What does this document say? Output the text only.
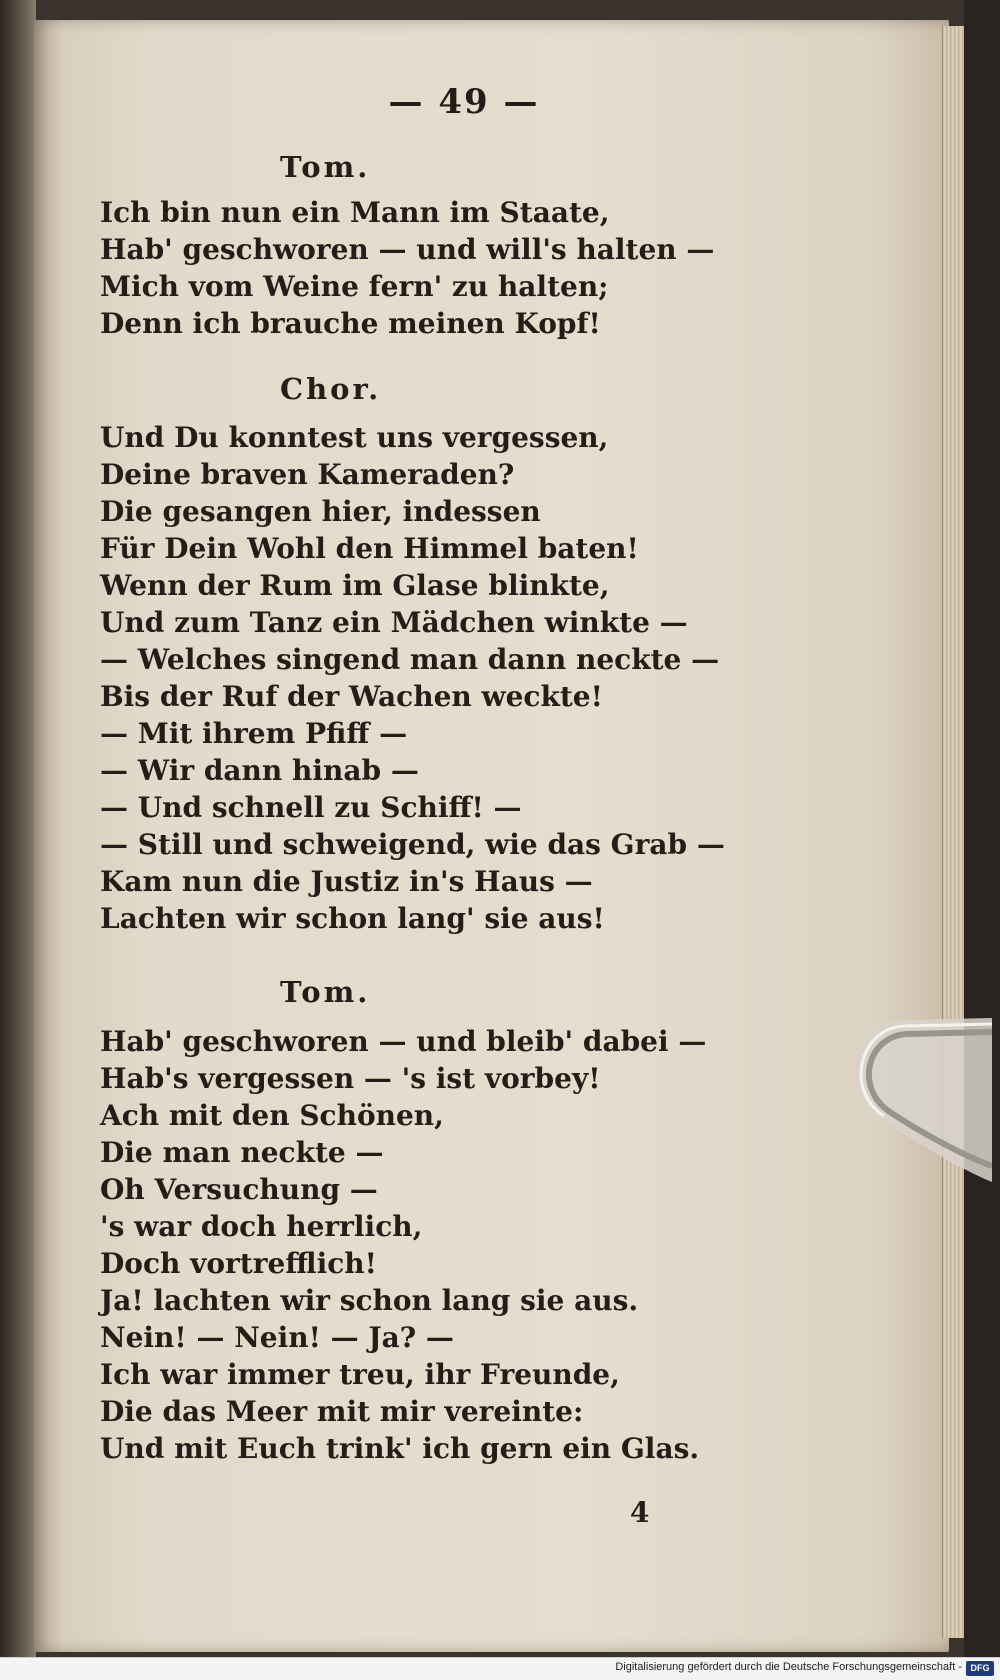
— 49 —
Tom.
Ich bin nun ein Mann im Staate,
Hab' geschworen — und will's halten —
Mich vom Weine fern' zu halten;
Denn ich brauche meinen Kopf!
Chor.
Und Du konntest uns vergessen,
Deine braven Kameraden?
Die gesangen hier, indessen
Für Dein Wohl den Himmel baten!
Wenn der Rum im Glase blinkte,
Und zum Tanz ein Mädchen winkte —
— Welches singend man dann neckte —
Bis der Ruf der Wachen weckte!
— Mit ihrem Pfiff —
— Wir dann hinab —
— Und schnell zu Schiff! —
— Still und schweigend, wie das Grab —
Kam nun die Justiz in's Haus —
Lachten wir schon lang' sie aus!
Tom.
Hab' geschworen — und bleib' dabei —
Hab's vergessen — 's ist vorbey!
Ach mit den Schönen,
Die man neckte —
Oh Versuchung —
's war doch herrlich,
Doch vortrefflich!
Ja! lachten wir schon lang sie aus.
Nein! — Nein! — Ja? —
Ich war immer treu, ihr Freunde,
Die das Meer mit mir vereinte:
Und mit Euch trink' ich gern ein Glas.
4
Digitalisierung gefördert durch die Deutsche Forschungsgemeinschaft - DFG
